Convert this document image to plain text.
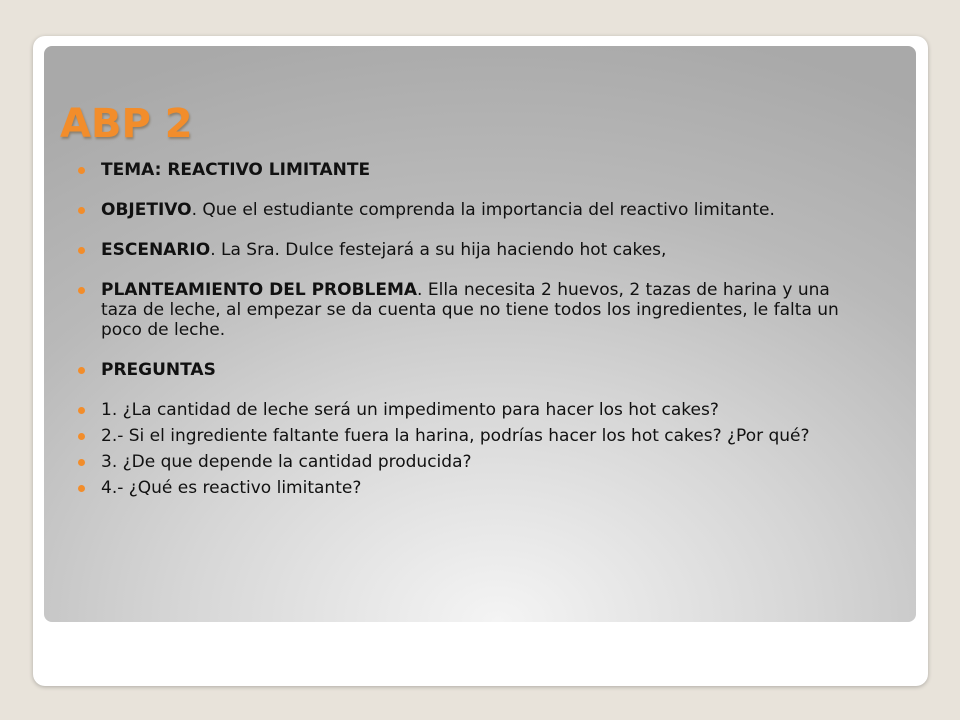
ABP 2
TEMA: REACTIVO LIMITANTE
OBJETIVO. Que el estudiante comprenda la importancia del reactivo limitante.
ESCENARIO. La Sra. Dulce festejará a su hija haciendo hot cakes,
PLANTEAMIENTO DEL PROBLEMA. Ella necesita 2 huevos, 2 tazas de harina y una taza de leche, al empezar se da cuenta que no tiene todos los ingredientes, le falta un poco de leche.
PREGUNTAS
1. ¿La cantidad de leche será un impedimento para hacer los hot cakes?
2.- Si el ingrediente faltante fuera la harina, podrías hacer los hot cakes? ¿Por qué?
3. ¿De que depende la cantidad producida?
4.- ¿Qué es reactivo limitante?
